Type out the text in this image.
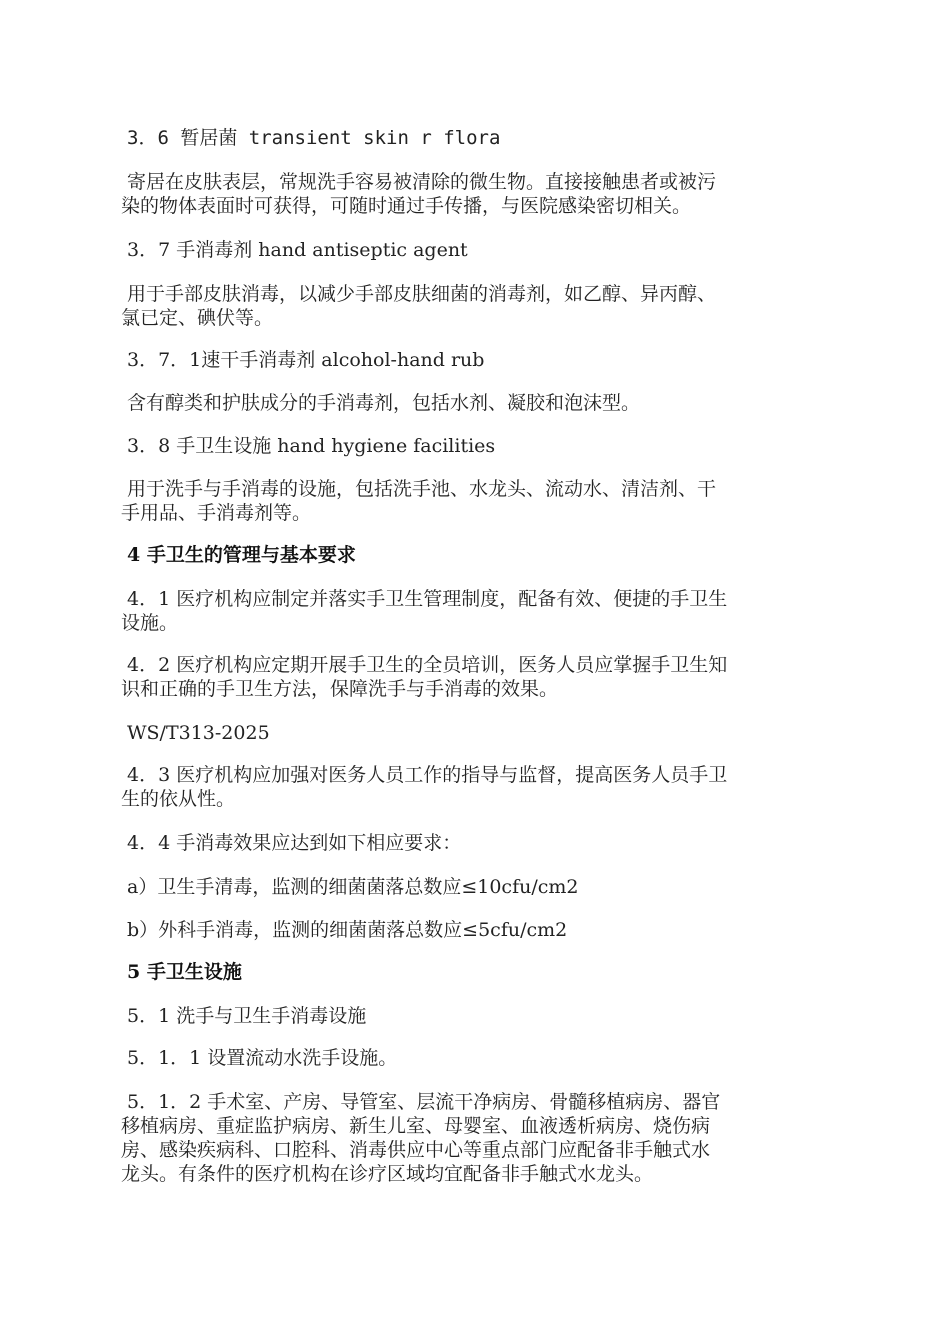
3．6 暂居菌 transient skin r flora
寄居在皮肤表层，常规洗手容易被清除的微生物。直接接触患者或被污
染的物体表面时可获得，可随时通过手传播，与医院感染密切相关。
3．7 手消毒剂 hand antiseptic agent
用于手部皮肤消毒，以减少手部皮肤细菌的消毒剂，如乙醇、异丙醇、
氯已定、碘伏等。
3．7．1速干手消毒剂 alcohol-hand rub
含有醇类和护肤成分的手消毒剂，包括水剂、凝胶和泡沫型。
3．8 手卫生设施 hand hygiene facilities
用于洗手与手消毒的设施，包括洗手池、水龙头、流动水、清洁剂、干
手用品、手消毒剂等。
4 手卫生的管理与基本要求
4．1 医疗机构应制定并落实手卫生管理制度，配备有效、便捷的手卫生
设施。
4．2 医疗机构应定期开展手卫生的全员培训，医务人员应掌握手卫生知
识和正确的手卫生方法，保障洗手与手消毒的效果。
WS/T313-2025
4．3 医疗机构应加强对医务人员工作的指导与监督，提高医务人员手卫
生的依从性。
4．4 手消毒效果应达到如下相应要求：
a）卫生手清毒，监测的细菌菌落总数应≤10cfu/cm2
b）外科手消毒，监测的细菌菌落总数应≤5cfu/cm2
5 手卫生设施
5．1 洗手与卫生手消毒设施
5．1．1 设置流动水洗手设施。
5．1．2 手术室、产房、导管室、层流干净病房、骨髓移植病房、器官
移植病房、重症监护病房、新生儿室、母婴室、血液透析病房、烧伤病
房、感染疾病科、口腔科、消毒供应中心等重点部门应配备非手触式水
龙头。有条件的医疗机构在诊疗区域均宜配备非手触式水龙头。
